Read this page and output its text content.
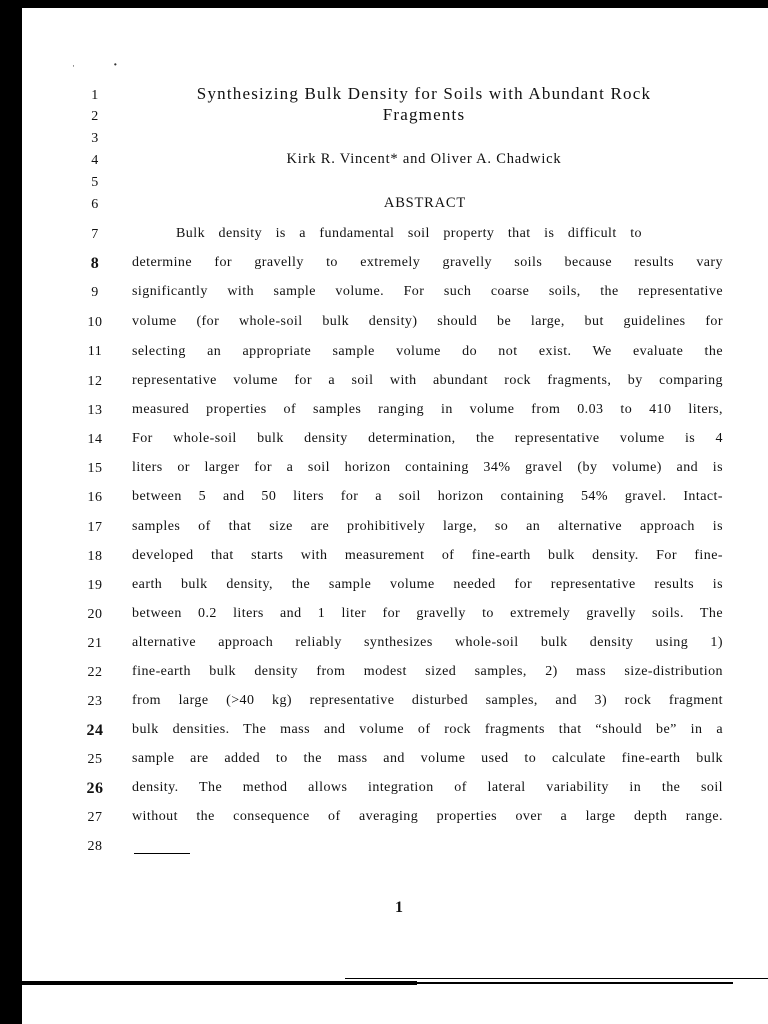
··
1
2
3
4
5
6
7
8
9
10
11
12
13
14
15
16
17
18
19
20
21
22
23
24
25
26
27
28
Synthesizing Bulk Density for Soils with Abundant Rock
Fragments
Kirk R. Vincent* and Oliver A. Chadwick
ABSTRACT
Bulk density is a fundamental soil property that is difficult to
determine for gravelly to extremely gravelly soils because results vary
significantly with sample volume. For such coarse soils, the representative
volume (for whole-soil bulk density) should be large, but guidelines for
selecting an appropriate sample volume do not exist. We evaluate the
representative volume for a soil with abundant rock fragments, by comparing
measured properties of samples ranging in volume from 0.03 to 410 liters,
For whole-soil bulk density determination, the representative volume is 4
liters or larger for a soil horizon containing 34% gravel (by volume) and is
between 5 and 50 liters for a soil horizon containing 54% gravel. Intact-
samples of that size are prohibitively large, so an alternative approach is
developed that starts with measurement of fine-earth bulk density. For fine-
earth bulk density, the sample volume needed for representative results is
between 0.2 liters and 1 liter for gravelly to extremely gravelly soils. The
alternative approach reliably synthesizes whole-soil bulk density using 1)
fine-earth bulk density from modest sized samples, 2) mass size-distribution
from large (>40 kg) representative disturbed samples, and 3) rock fragment
bulk densities. The mass and volume of rock fragments that “should be” in a
sample are added to the mass and volume used to calculate fine-earth bulk
density. The method allows integration of lateral variability in the soil
without the consequence of averaging properties over a large depth range.
1
